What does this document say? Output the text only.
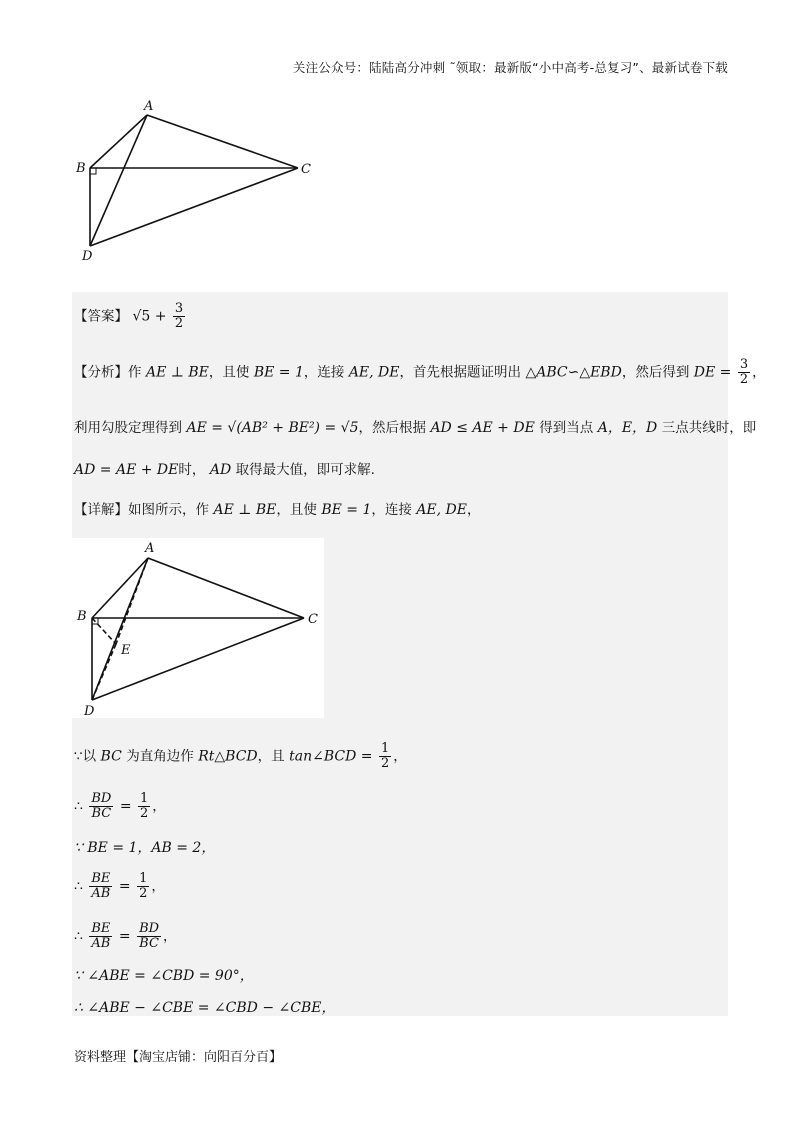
关注公众号：陆陆高分冲刺 ˜领取：最新版“小中高考-总复习”、最新试卷下载
A
B	C
D
【答案】 $√5 + \frac{3}{2}$
【分析】作 AE ⊥ BE，且使 BE = 1，连接 AE, DE，首先根据题证明出 △ABC∽△EBD，然后得到 DE = $\frac{3}{2}$ ，
利用勾股定理得到 AE = √(AB² + BE²) = √5，然后根据 AD ≤ AE + DE 得到当点 A，E，D 三点共线时，即
AD = AE + DE时， AD 取得最大值，即可求解.
【详解】如图所示，作 AE ⊥ BE，且使 BE = 1，连接 AE, DE，
A
B	C
D
E
∵以 BC 为直角边作 Rt△BCD，且 tan∠BCD = $\frac{1}{2}$ ，
∴ $\frac{BD}{BC} = \frac{1}{2}$ ，
∵ BE = 1，AB = 2，
∴ $\frac{BE}{AB} = \frac{1}{2}$ ，
∴ $\frac{BE}{AB} = \frac{BD}{BC}$ ，
∵ ∠ABE = ∠CBD = 90°，
∴ ∠ABE − ∠CBE = ∠CBD − ∠CBE，
资料整理【淘宝店铺：向阳百分百】
